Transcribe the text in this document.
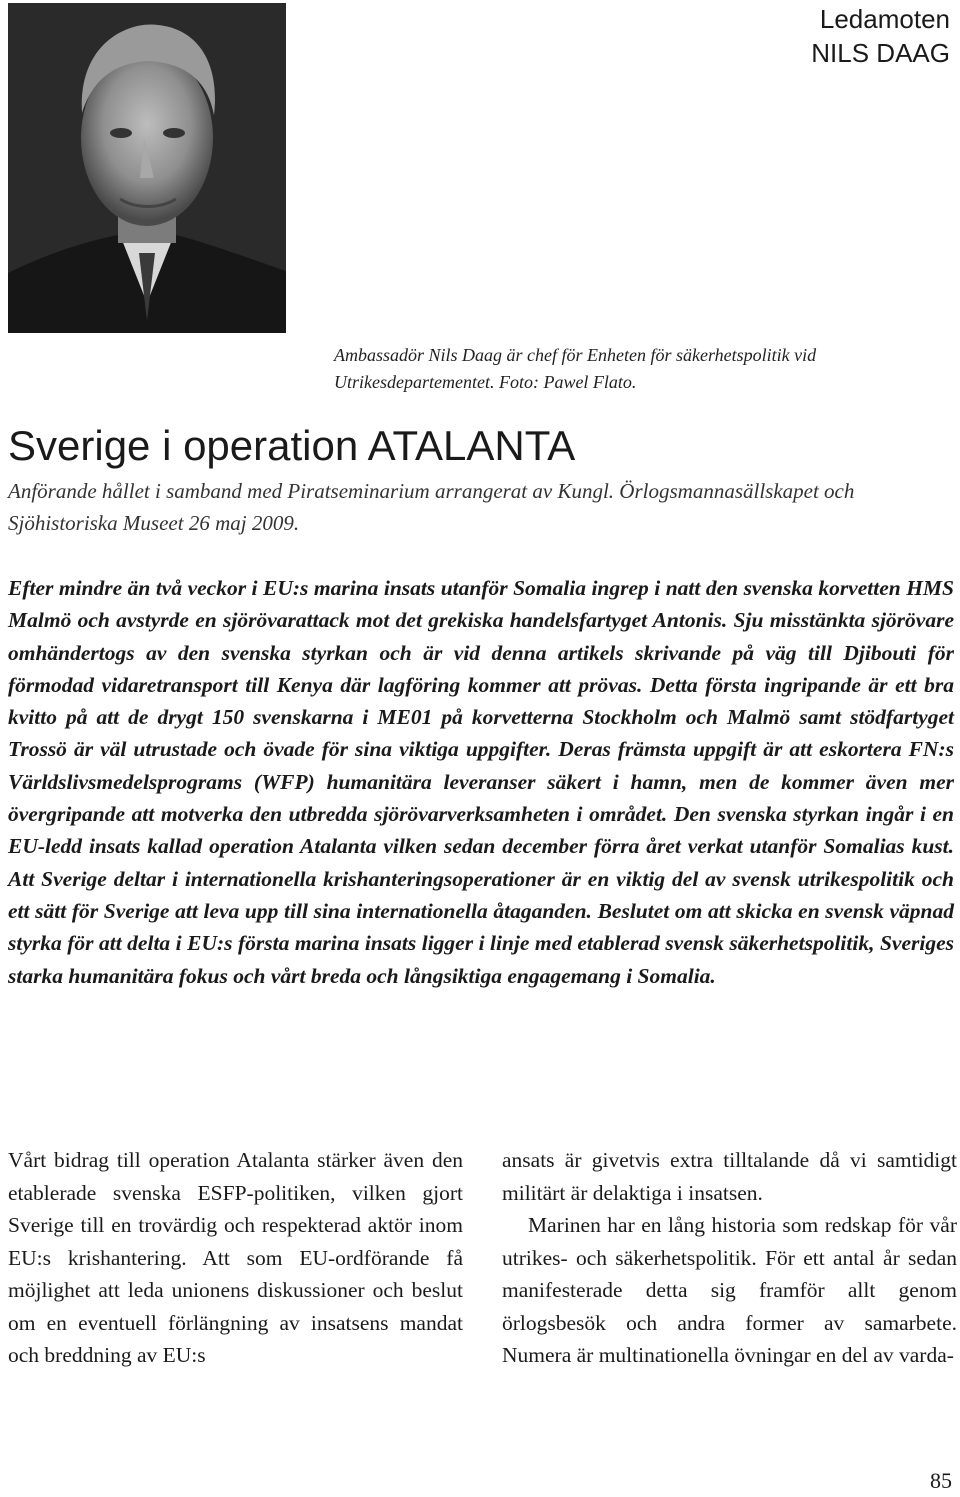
Ledamoten
NILS DAAG
Ambassadör Nils Daag är chef för Enheten för säkerhetspolitik vid Utrikesdepartementet. Foto: Pawel Flato.
Sverige i operation ATALANTA
Anförande hållet i samband med Piratseminarium arrangerat av Kungl. Örlogsmannasällskapet och Sjöhistoriska Museet 26 maj 2009.
Efter mindre än två veckor i EU:s marina insats utanför Somalia ingrep i natt den svenska korvetten HMS Malmö och avstyrde en sjörövarattack mot det grekiska handelsfartyget Antonis. Sju misstänkta sjörövare omhändertogs av den svenska styrkan och är vid denna artikels skrivande på väg till Djibouti för förmodad vidaretransport till Kenya där lagföring kommer att prövas. Detta första ingripande är ett bra kvitto på att de drygt 150 svenskarna i ME01 på korvetterna Stockholm och Malmö samt stödfartyget Trossö är väl utrustade och övade för sina viktiga uppgifter. Deras främsta uppgift är att eskortera FN:s Världslivsmedelsprograms (WFP) humanitära leveranser säkert i hamn, men de kommer även mer övergripande att motverka den utbredda sjörövarverksamheten i området. Den svenska styrkan ingår i en EU-ledd insats kallad operation Atalanta vilken sedan december förra året verkat utanför Somalias kust. Att Sverige deltar i internationella krishanteringsoperationer är en viktig del av svensk utrikespolitik och ett sätt för Sverige att leva upp till sina internationella åtaganden. Beslutet om att skicka en svensk väpnad styrka för att delta i EU:s första marina insats ligger i linje med etablerad svensk säkerhetspolitik, Sveriges starka humanitära fokus och vårt breda och långsiktiga engagemang i Somalia.

Vårt bidrag till operation Atalanta stärker även den etablerade svenska ESFP-politiken, vilken gjort Sverige till en trovärdig och respekterad aktör inom EU:s krishantering. Att som EU-ordförande få möjlighet att leda unionens diskussioner och beslut om en eventuell förlängning av insatsens mandat och breddning av EU:s

ansats är givetvis extra tilltalande då vi samtidigt militärt är delaktiga i insatsen.

Marinen har en lång historia som redskap för vår utrikes- och säkerhetspolitik. För ett antal år sedan manifesterade detta sig framför allt genom örlogsbesök och andra former av samarbete. Numera är multinationella övningar en del av varda-

85
